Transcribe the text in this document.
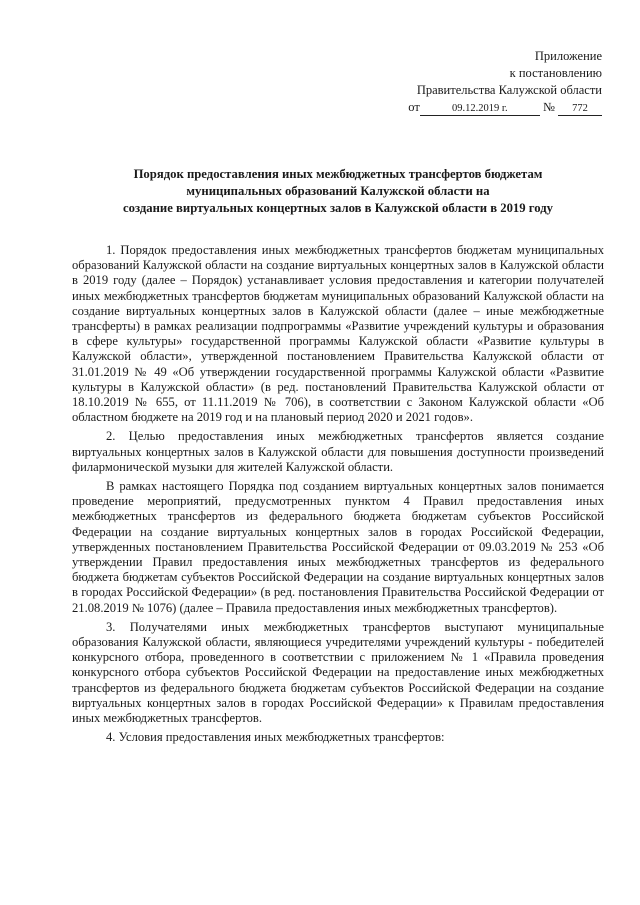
Приложение
к постановлению
Правительства Калужской области
от	09.12.2019 г.	№ 772
Порядок предоставления иных межбюджетных трансфертов бюджетам
муниципальных образований Калужской области на
создание виртуальных концертных залов в Калужской области в 2019 году

1. Порядок предоставления иных межбюджетных трансфертов бюджетам муниципальных образований Калужской области на создание виртуальных концертных залов в Калужской области в 2019 году (далее – Порядок) устанавливает условия предоставления и категории получателей иных межбюджетных трансфертов бюджетам муниципальных образований Калужской области на создание виртуальных концертных залов в Калужской области (далее – иные межбюджетные трансферты) в рамках реализации подпрограммы «Развитие учреждений культуры и образования в сфере культуры» государственной программы Калужской области «Развитие культуры в Калужской области», утвержденной постановлением Правительства Калужской области от 31.01.2019 № 49 «Об утверждении государственной программы Калужской области «Развитие культуры в Калужской области» (в ред. постановлений Правительства Калужской области от 18.10.2019 № 655, от 11.11.2019 № 706), в соответствии с Законом Калужской области «Об областном бюджете на 2019 год и на плановый период 2020 и 2021 годов».

2. Целью предоставления иных межбюджетных трансфертов является создание виртуальных концертных залов в Калужской области для повышения доступности произведений филармонической музыки для жителей Калужской области.

В рамках настоящего Порядка под созданием виртуальных концертных залов понимается проведение мероприятий, предусмотренных пунктом 4 Правил предоставления иных межбюджетных трансфертов из федерального бюджета бюджетам субъектов Российской Федерации на создание виртуальных концертных залов в городах Российской Федерации, утвержденных постановлением Правительства Российской Федерации от 09.03.2019 № 253 «Об утверждении Правил предоставления иных межбюджетных трансфертов из федерального бюджета бюджетам субъектов Российской Федерации на создание виртуальных концертных залов в городах Российской Федерации» (в ред. постановления Правительства Российской Федерации от 21.08.2019 № 1076) (далее – Правила предоставления иных межбюджетных трансфертов).

3. Получателями иных межбюджетных трансфертов выступают муниципальные образования Калужской области, являющиеся учредителями учреждений культуры - победителей конкурсного отбора, проведенного в соответствии с приложением № 1 «Правила проведения конкурсного отбора субъектов Российской Федерации на предоставление иных межбюджетных трансфертов из федерального бюджета бюджетам субъектов Российской Федерации на создание виртуальных концертных залов в городах Российской Федерации» к Правилам предоставления иных межбюджетных трансфертов.

4. Условия предоставления иных межбюджетных трансфертов:
